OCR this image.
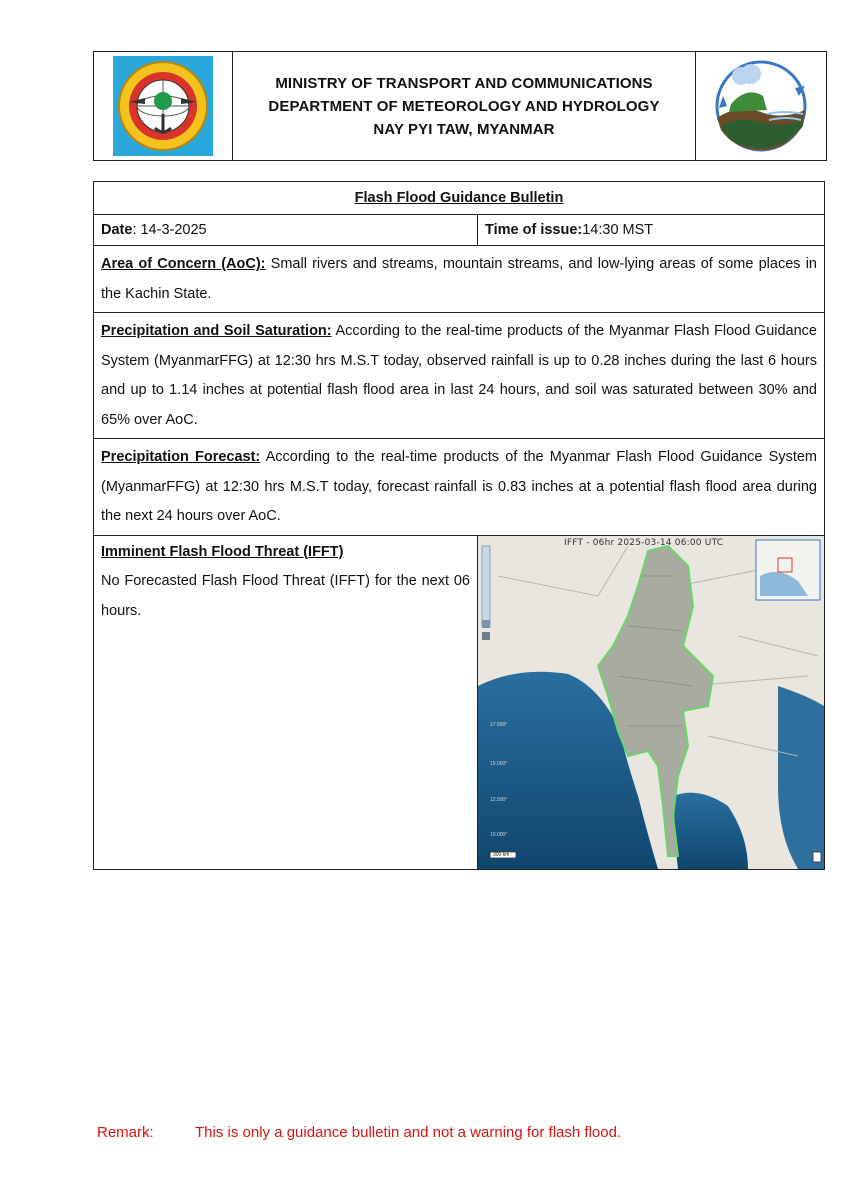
MINISTRY OF TRANSPORT AND COMMUNICATIONS
DEPARTMENT OF METEOROLOGY AND HYDROLOGY
NAY PYI TAW, MYANMAR
Flash Flood Guidance Bulletin
Date : 14-3-2025	Time of issue: 14:30 MST
Area of Concern (AoC): Small rivers and streams, mountain streams, and low-lying areas of some places in the Kachin State.
Precipitation and Soil Saturation: According to the real-time products of the Myanmar Flash Flood Guidance System (MyanmarFFG) at 12:30 hrs M.S.T today, observed rainfall is up to 0.28 inches during the last 6 hours and up to 1.14 inches at potential flash flood area in last 24 hours, and soil was saturated between 30% and 65% over AoC.
Precipitation Forecast: According to the real-time products of the Myanmar Flash Flood Guidance System (MyanmarFFG) at 12:30 hrs M.S.T today, forecast rainfall is 0.83 inches at a potential flash flood area during the next 24 hours over AoC.
Imminent Flash Flood Threat (IFFT)
No Forecasted Flash Flood Threat (IFFT) for the next 06 hours.
IFFT - 06hr 2025-03-14 06:00 UTC
300 km
17.500°
15.000°
12.500°
10.000°
Remark:	This is only a guidance bulletin and not a warning for flash flood.
